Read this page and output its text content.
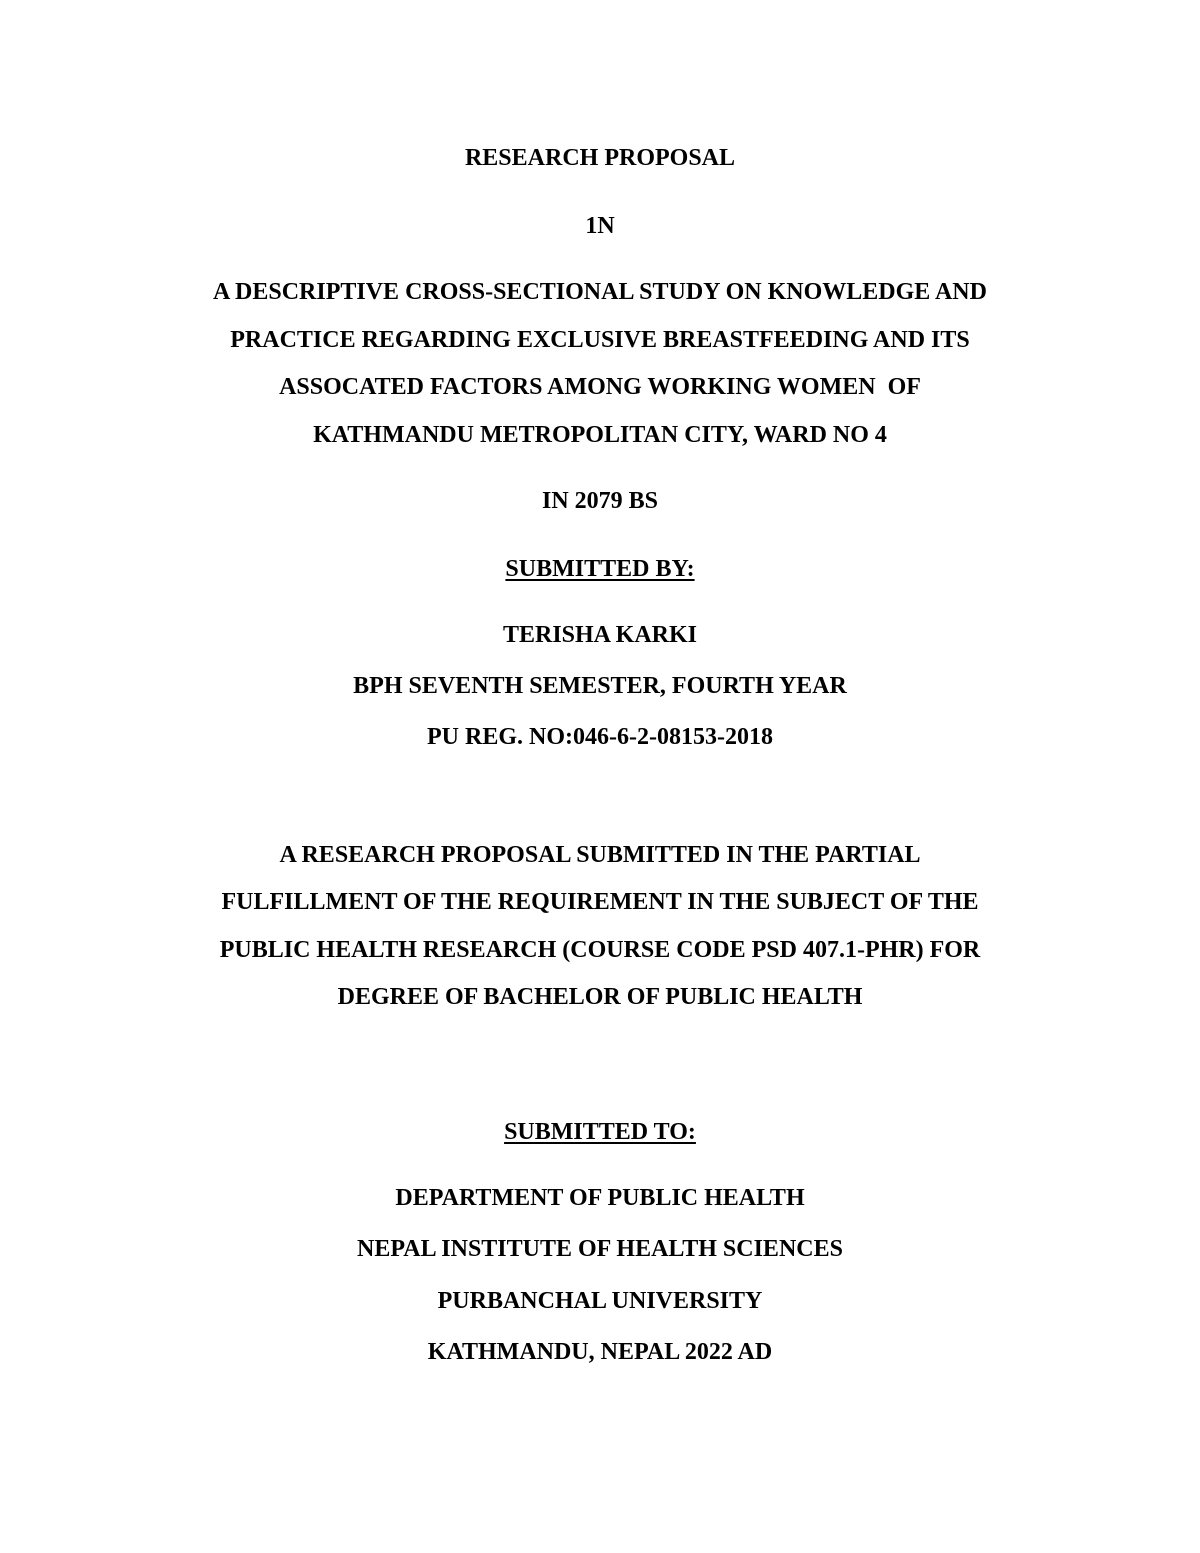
RESEARCH PROPOSAL
1N
A DESCRIPTIVE CROSS-SECTIONAL STUDY ON KNOWLEDGE AND
PRACTICE REGARDING EXCLUSIVE BREASTFEEDING AND ITS
ASSOCATED FACTORS AMONG WORKING WOMEN  OF
KATHMANDU METROPOLITAN CITY, WARD NO 4
IN 2079 BS
SUBMITTED BY:
TERISHA KARKI
BPH SEVENTH SEMESTER, FOURTH YEAR
PU REG. NO:046-6-2-08153-2018
A RESEARCH PROPOSAL SUBMITTED IN THE PARTIAL
FULFILLMENT OF THE REQUIREMENT IN THE SUBJECT OF THE
PUBLIC HEALTH RESEARCH (COURSE CODE PSD 407.1-PHR) FOR
DEGREE OF BACHELOR OF PUBLIC HEALTH
SUBMITTED TO:
DEPARTMENT OF PUBLIC HEALTH
NEPAL INSTITUTE OF HEALTH SCIENCES
PURBANCHAL UNIVERSITY
KATHMANDU, NEPAL 2022 AD
